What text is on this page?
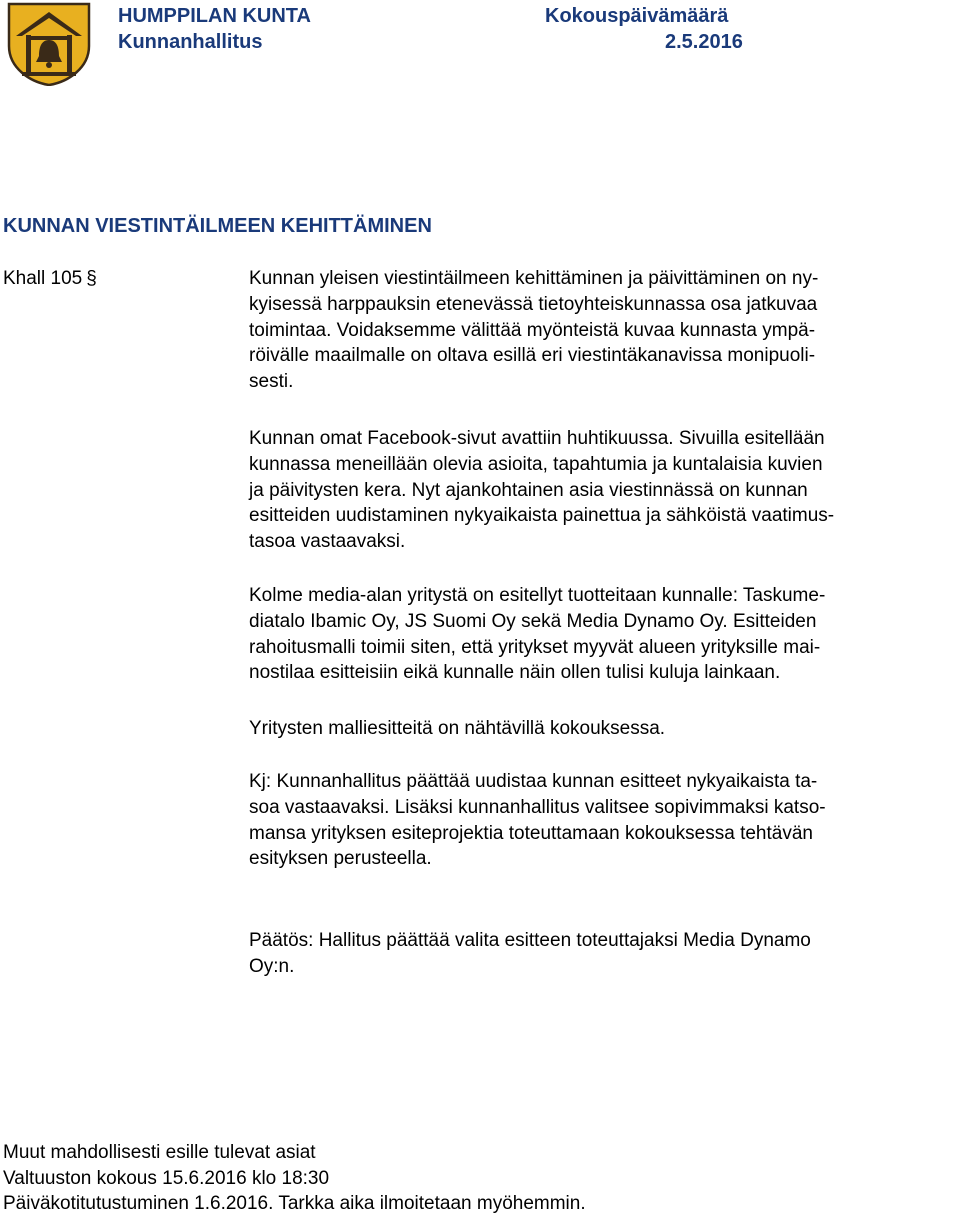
HUMPPILAN KUNTA
Kunnanhallitus
Kokouspäivämäärä
2.5.2016
KUNNAN VIESTINTÄILMEEN KEHITTÄMINEN
Khall 105 §	Kunnan yleisen viestintäilmeen kehittäminen ja päivittäminen on ny-
kyisessä harppauksin etenevässä tietoyhteiskunnassa osa jatkuvaa
toimintaa. Voidaksemme välittää myönteistä kuvaa kunnasta ympä-
röivälle maailmalle on oltava esillä eri viestintäkanavissa monipuoli-
sesti.
Kunnan omat Facebook-sivut avattiin huhtikuussa. Sivuilla esitellään
kunnassa meneillään olevia asioita, tapahtumia ja kuntalaisia kuvien
ja päivitysten kera. Nyt ajankohtainen asia viestinnässä on kunnan
esitteiden uudistaminen nykyaikaista painettua ja sähköistä vaatimus-
tasoa vastaavaksi.
Kolme media-alan yritystä on esitellyt tuotteitaan kunnalle: Taskume-
diatalo Ibamic Oy, JS Suomi Oy sekä Media Dynamo Oy. Esitteiden
rahoitusmalli toimii siten, että yritykset myyvät alueen yrityksille mai-
nostilaa esitteisiin eikä kunnalle näin ollen tulisi kuluja lainkaan.
Yritysten malliesitteitä on nähtävillä kokouksessa.
Kj: Kunnanhallitus päättää uudistaa kunnan esitteet nykyaikaista ta-
soa vastaavaksi. Lisäksi kunnanhallitus valitsee sopivimmaksi katso-
mansa yrityksen esiteprojektia toteuttamaan kokouksessa tehtävän
esityksen perusteella.
Päätös: Hallitus päättää valita esitteen toteuttajaksi Media Dynamo
Oy:n.
Muut mahdollisesti esille tulevat asiat
Valtuuston kokous 15.6.2016 klo 18:30
Päiväkotitutustuminen 1.6.2016. Tarkka aika ilmoitetaan myöhemmin.
